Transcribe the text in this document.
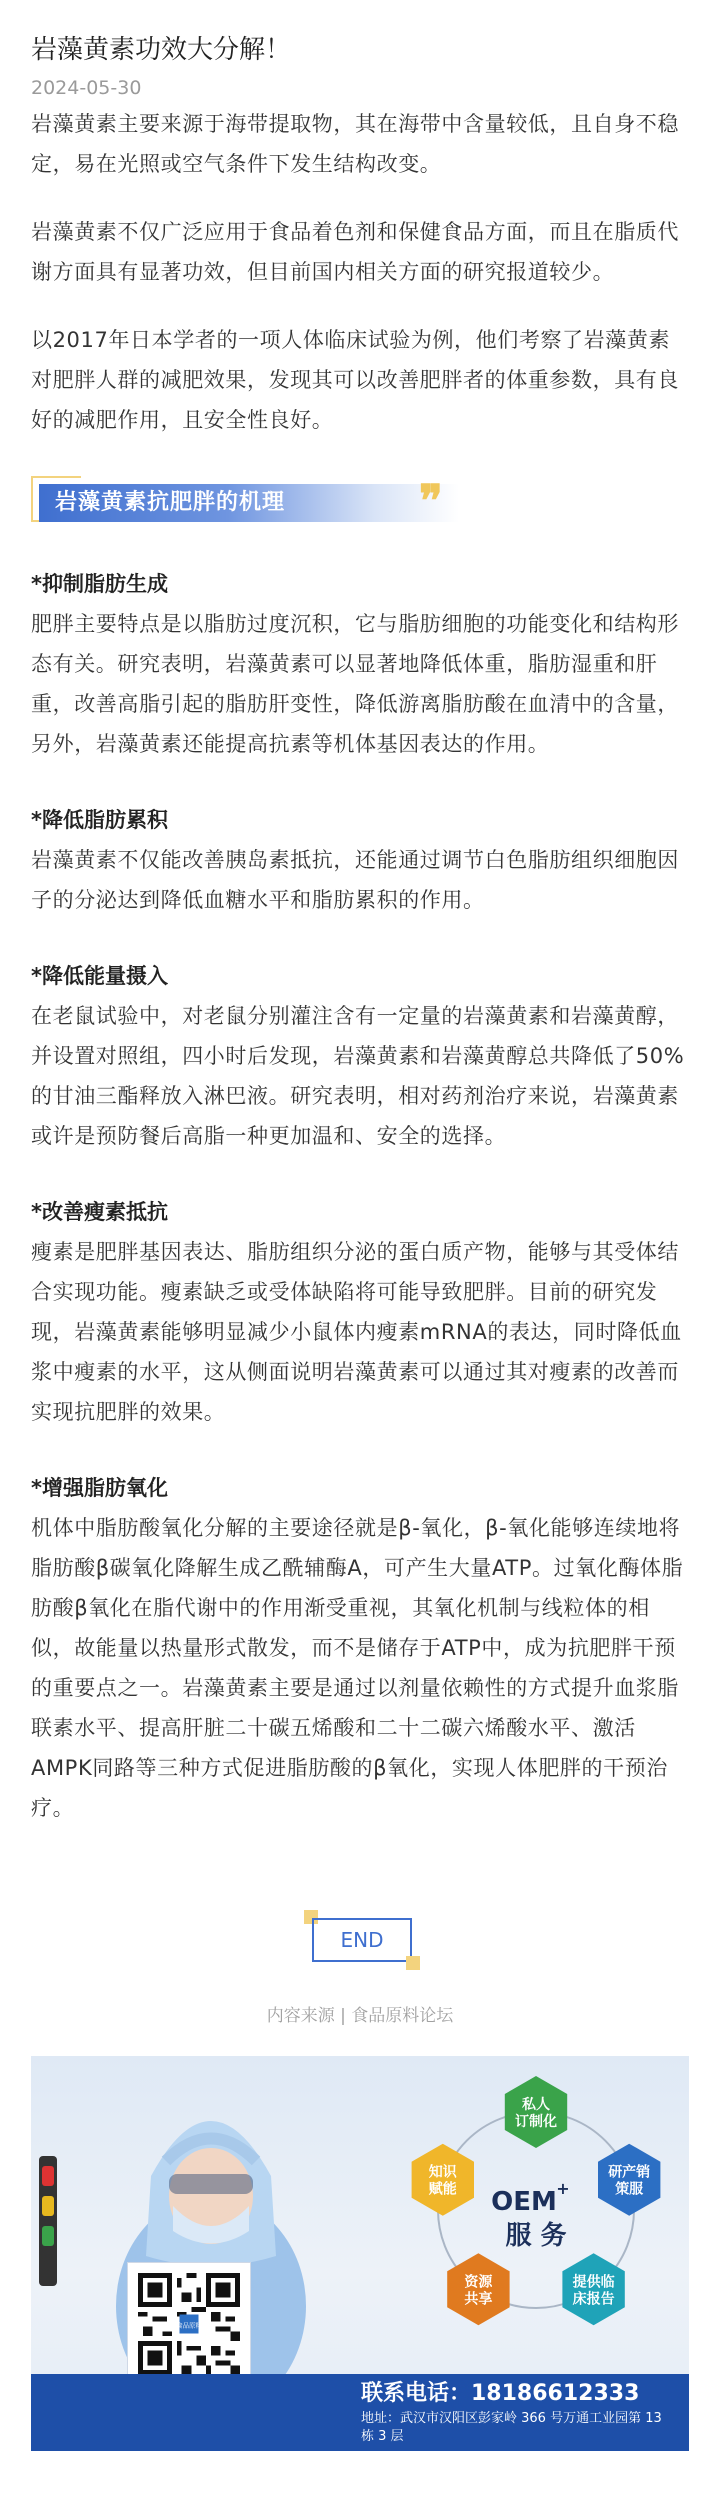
岩藻黄素功效大分解！
2024-05-30

岩藻黄素主要来源于海带提取物，其在海带中含量较低，且自身不稳定，易在光照或空气条件下发生结构改变。

岩藻黄素不仅广泛应用于食品着色剂和保健食品方面，而且在脂质代谢方面具有显著功效，但目前国内相关方面的研究报道较少。

以2017年日本学者的一项人体临床试验为例，他们考察了岩藻黄素对肥胖人群的减肥效果，发现其可以改善肥胖者的体重参数，具有良好的减肥作用，且安全性良好。

岩藻黄素抗肥胖的机理	❞
*抑制脂肪生成

肥胖主要特点是以脂肪过度沉积，它与脂肪细胞的功能变化和结构形态有关。研究表明，岩藻黄素可以显著地降低体重，脂肪湿重和肝重，改善高脂引起的脂肪肝变性，降低游离脂肪酸在血清中的含量，另外，岩藻黄素还能提高抗素等机体基因表达的作用。

*降低脂肪累积

岩藻黄素不仅能改善胰岛素抵抗，还能通过调节白色脂肪组织细胞因子的分泌达到降低血糖水平和脂肪累积的作用。

*降低能量摄入

在老鼠试验中，对老鼠分别灌注含有一定量的岩藻黄素和岩藻黄醇，并设置对照组，四小时后发现，岩藻黄素和岩藻黄醇总共降低了50%的甘油三酯释放入淋巴液。研究表明，相对药剂治疗来说，岩藻黄素或许是预防餐后高脂一种更加温和、安全的选择。

*改善瘦素抵抗

瘦素是肥胖基因表达、脂肪组织分泌的蛋白质产物，能够与其受体结合实现功能。瘦素缺乏或受体缺陷将可能导致肥胖。目前的研究发现，岩藻黄素能够明显减少小鼠体内瘦素mRNA的表达，同时降低血浆中瘦素的水平，这从侧面说明岩藻黄素可以通过其对瘦素的改善而实现抗肥胖的效果。

*增强脂肪氧化

机体中脂肪酸氧化分解的主要途径就是β-氧化，β-氧化能够连续地将脂肪酸β碳氧化降解生成乙酰辅酶A，可产生大量ATP。过氧化酶体脂肪酸β氧化在脂代谢中的作用渐受重视，其氧化机制与线粒体的相似，故能量以热量形式散发，而不是储存于ATP中，成为抗肥胖干预的重要点之一。岩藻黄素主要是通过以剂量依赖性的方式提升血浆脂联素水平、提高肝脏二十碳五烯酸和二十二碳六烯酸水平、激活AMPK同路等三种方式促进脂肪酸的β氧化，实现人体肥胖的干预治疗。

END
内容来源 | 食品原料论坛
食品原料
私人
订制化
研产销
策服
提供临
床报告
资源
共享
知识
赋能 OEM +
服 务
联系电话：18186612333
地址：武汉市汉阳区彭家岭 366 号万通工业园第 13 栋 3 层
